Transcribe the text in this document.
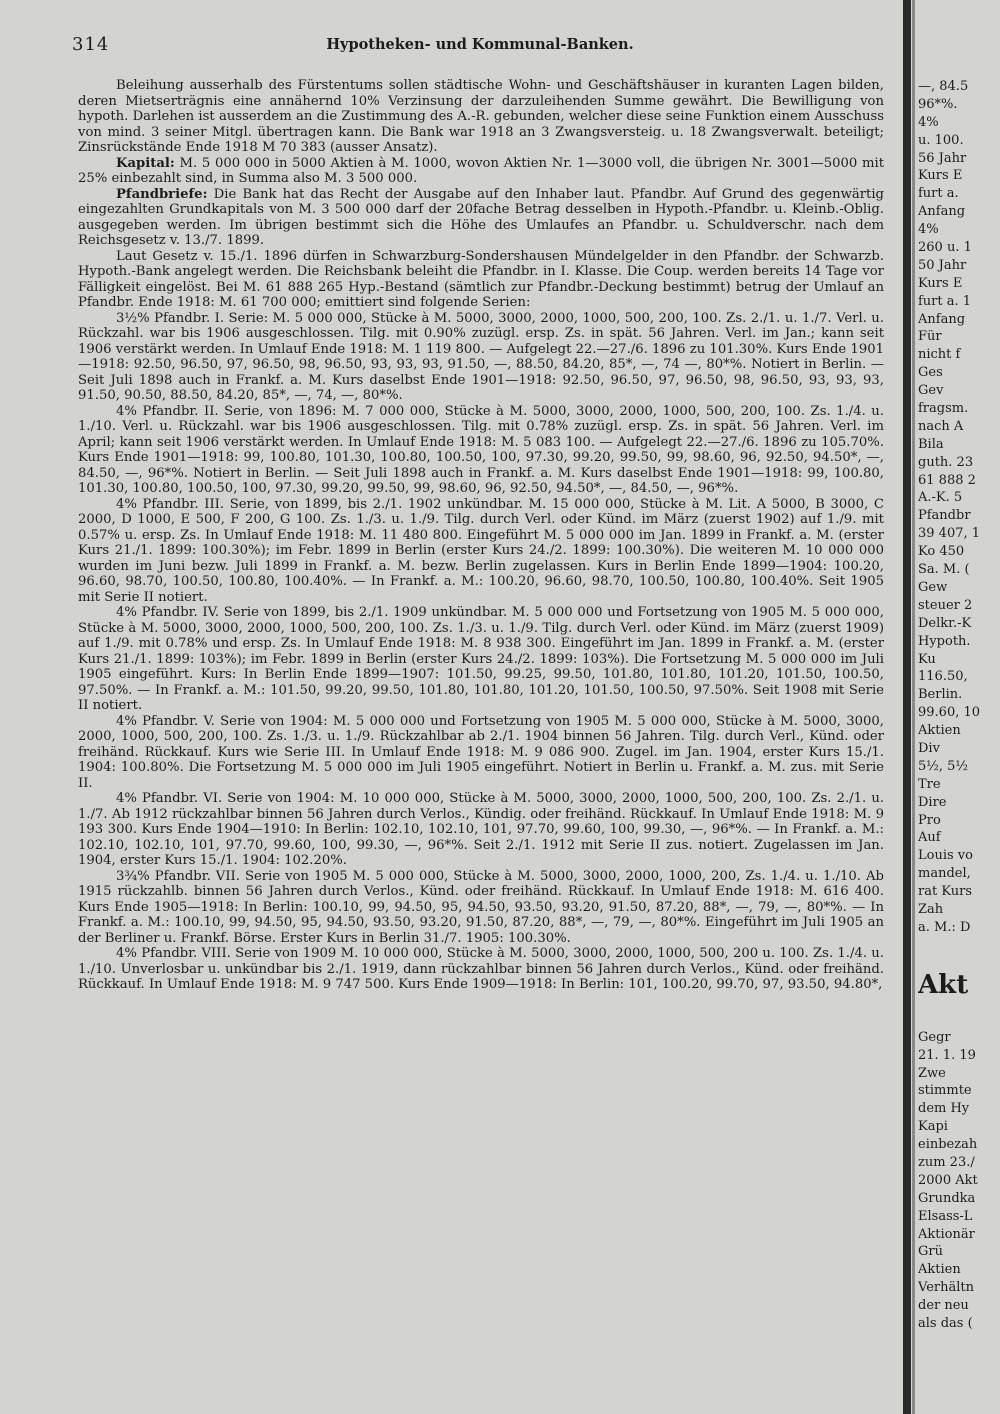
314	Hypotheken- und Kommunal-Banken.

Beleihung ausserhalb des Fürstentums sollen städtische Wohn- und Geschäftshäuser in kuranten Lagen bilden, deren Mietserträgnis eine annähernd 10% Verzinsung der darzuleihenden Summe gewährt. Die Bewilligung von hypoth. Darlehen ist ausserdem an die Zustimmung des A.-R. gebunden, welcher diese seine Funktion einem Ausschuss von mind. 3 seiner Mitgl. übertragen kann. Die Bank war 1918 an 3 Zwangsversteig. u. 18 Zwangsverwalt. beteiligt; Zinsrückstände Ende 1918 M 70 383 (ausser Ansatz).

Kapital: M. 5 000 000 in 5000 Aktien à M. 1000, wovon Aktien Nr. 1—3000 voll, die übrigen Nr. 3001—5000 mit 25% einbezahlt sind, in Summa also M. 3 500 000.

Pfandbriefe: Die Bank hat das Recht der Ausgabe auf den Inhaber laut. Pfandbr. Auf Grund des gegenwärtig eingezahlten Grundkapitals von M. 3 500 000 darf der 20fache Betrag desselben in Hypoth.-Pfandbr. u. Kleinb.-Oblig. ausgegeben werden. Im übrigen bestimmt sich die Höhe des Umlaufes an Pfandbr. u. Schuldverschr. nach dem Reichsgesetz v. 13./7. 1899.

Laut Gesetz v. 15./1. 1896 dürfen in Schwarzburg-Sondershausen Mündelgelder in den Pfandbr. der Schwarzb. Hypoth.-Bank angelegt werden. Die Reichsbank beleiht die Pfandbr. in I. Klasse. Die Coup. werden bereits 14 Tage vor Fälligkeit eingelöst. Bei M. 61 888 265 Hyp.-Bestand (sämtlich zur Pfandbr.-Deckung bestimmt) betrug der Umlauf an Pfandbr. Ende 1918: M. 61 700 000; emittiert sind folgende Serien:

3½% Pfandbr. I. Serie: M. 5 000 000, Stücke à M. 5000, 3000, 2000, 1000, 500, 200, 100. Zs. 2./1. u. 1./7. Verl. u. Rückzahl. war bis 1906 ausgeschlossen. Tilg. mit 0.90% zuzügl. ersp. Zs. in spät. 56 Jahren. Verl. im Jan.; kann seit 1906 verstärkt werden. In Umlauf Ende 1918: M. 1 119 800. — Aufgelegt 22.—27./6. 1896 zu 101.30%. Kurs Ende 1901—1918: 92.50, 96.50, 97, 96.50, 98, 96.50, 93, 93, 93, 91.50, —, 88.50, 84.20, 85*, —, 74 —, 80*%. Notiert in Berlin. — Seit Juli 1898 auch in Frankf. a. M. Kurs daselbst Ende 1901—1918: 92.50, 96.50, 97, 96.50, 98, 96.50, 93, 93, 93, 91.50, 90.50, 88.50, 84.20, 85*, —, 74, —, 80*%.

4% Pfandbr. II. Serie, von 1896: M. 7 000 000, Stücke à M. 5000, 3000, 2000, 1000, 500, 200, 100. Zs. 1./4. u. 1./10. Verl. u. Rückzahl. war bis 1906 ausgeschlossen. Tilg. mit 0.78% zuzügl. ersp. Zs. in spät. 56 Jahren. Verl. im April; kann seit 1906 verstärkt werden. In Umlauf Ende 1918: M. 5 083 100. — Aufgelegt 22.—27./6. 1896 zu 105.70%. Kurs Ende 1901—1918: 99, 100.80, 101.30, 100.80, 100.50, 100, 97.30, 99.20, 99.50, 99, 98.60, 96, 92.50, 94.50*, —, 84.50, —, 96*%. Notiert in Berlin. — Seit Juli 1898 auch in Frankf. a. M. Kurs daselbst Ende 1901—1918: 99, 100.80, 101.30, 100.80, 100.50, 100, 97.30, 99.20, 99.50, 99, 98.60, 96, 92.50, 94.50*, —, 84.50, —, 96*%.

4% Pfandbr. III. Serie, von 1899, bis 2./1. 1902 unkündbar. M. 15 000 000, Stücke à M. Lit. A 5000, B 3000, C 2000, D 1000, E 500, F 200, G 100. Zs. 1./3. u. 1./9. Tilg. durch Verl. oder Künd. im März (zuerst 1902) auf 1./9. mit 0.57% u. ersp. Zs. In Umlauf Ende 1918: M. 11 480 800. Eingeführt M. 5 000 000 im Jan. 1899 in Frankf. a. M. (erster Kurs 21./1. 1899: 100.30%); im Febr. 1899 in Berlin (erster Kurs 24./2. 1899: 100.30%). Die weiteren M. 10 000 000 wurden im Juni bezw. Juli 1899 in Frankf. a. M. bezw. Berlin zugelassen. Kurs in Berlin Ende 1899—1904: 100.20, 96.60, 98.70, 100.50, 100.80, 100.40%. — In Frankf. a. M.: 100.20, 96.60, 98.70, 100.50, 100.80, 100.40%. Seit 1905 mit Serie II notiert.

4% Pfandbr. IV. Serie von 1899, bis 2./1. 1909 unkündbar. M. 5 000 000 und Fortsetzung von 1905 M. 5 000 000, Stücke à M. 5000, 3000, 2000, 1000, 500, 200, 100. Zs. 1./3. u. 1./9. Tilg. durch Verl. oder Künd. im März (zuerst 1909) auf 1./9. mit 0.78% und ersp. Zs. In Umlauf Ende 1918: M. 8 938 300. Eingeführt im Jan. 1899 in Frankf. a. M. (erster Kurs 21./1. 1899: 103%); im Febr. 1899 in Berlin (erster Kurs 24./2. 1899: 103%). Die Fortsetzung M. 5 000 000 im Juli 1905 eingeführt. Kurs: In Berlin Ende 1899—1907: 101.50, 99.25, 99.50, 101.80, 101.80, 101.20, 101.50, 100.50, 97.50%. — In Frankf. a. M.: 101.50, 99.20, 99.50, 101.80, 101.80, 101.20, 101.50, 100.50, 97.50%. Seit 1908 mit Serie II notiert.

4% Pfandbr. V. Serie von 1904: M. 5 000 000 und Fortsetzung von 1905 M. 5 000 000, Stücke à M. 5000, 3000, 2000, 1000, 500, 200, 100. Zs. 1./3. u. 1./9. Rückzahlbar ab 2./1. 1904 binnen 56 Jahren. Tilg. durch Verl., Künd. oder freihänd. Rückkauf. Kurs wie Serie III. In Umlauf Ende 1918: M. 9 086 900. Zugel. im Jan. 1904, erster Kurs 15./1. 1904: 100.80%. Die Fortsetzung M. 5 000 000 im Juli 1905 eingeführt. Notiert in Berlin u. Frankf. a. M. zus. mit Serie II.

4% Pfandbr. VI. Serie von 1904: M. 10 000 000, Stücke à M. 5000, 3000, 2000, 1000, 500, 200, 100. Zs. 2./1. u. 1./7. Ab 1912 rückzahlbar binnen 56 Jahren durch Verlos., Kündig. oder freihänd. Rückkauf. In Umlauf Ende 1918: M. 9 193 300. Kurs Ende 1904—1910: In Berlin: 102.10, 102.10, 101, 97.70, 99.60, 100, 99.30, —, 96*%. — In Frankf. a. M.: 102.10, 102.10, 101, 97.70, 99.60, 100, 99.30, —, 96*%. Seit 2./1. 1912 mit Serie II zus. notiert. Zugelassen im Jan. 1904, erster Kurs 15./1. 1904: 102.20%.

3¾% Pfandbr. VII. Serie von 1905 M. 5 000 000, Stücke à M. 5000, 3000, 2000, 1000, 200, Zs. 1./4. u. 1./10. Ab 1915 rückzahlb. binnen 56 Jahren durch Verlos., Künd. oder freihänd. Rückkauf. In Umlauf Ende 1918: M. 616 400. Kurs Ende 1905—1918: In Berlin: 100.10, 99, 94.50, 95, 94.50, 93.50, 93.20, 91.50, 87.20, 88*, —, 79, —, 80*%. — In Frankf. a. M.: 100.10, 99, 94.50, 95, 94.50, 93.50, 93.20, 91.50, 87.20, 88*, —, 79, —, 80*%. Eingeführt im Juli 1905 an der Berliner u. Frankf. Börse. Erster Kurs in Berlin 31./7. 1905: 100.30%.

4% Pfandbr. VIII. Serie von 1909 M. 10 000 000, Stücke à M. 5000, 3000, 2000, 1000, 500, 200 u. 100. Zs. 1./4. u. 1./10. Unverlosbar u. unkündbar bis 2./1. 1919, dann rückzahlbar binnen 56 Jahren durch Verlos., Künd. oder freihänd. Rückkauf. In Umlauf Ende 1918: M. 9 747 500. Kurs Ende 1909—1918: In Berlin: 101, 100.20, 99.70, 97, 93.50, 94.80*,

—, 84.5
96*%.
4%
u. 100.
56 Jahr
Kurs E
furt a.
Anfang
4%
260 u. 1
50 Jahr
Kurs E
furt a. 1
Anfang
Für
nicht f
Ges
Gev
fragsm.
nach A
Bila
guth. 23
61 888 2
A.-K. 5
Pfandbr
39 407, 1
Ko 450
Sa. M. (
Gew
steuer 2
Delkr.-K
Hypoth.
Ku
116.50,
Berlin.
99.60, 10
Aktien
Div
5½, 5½
Tre
Dire
Pro
Auf
Louis vo
mandel,
rat Kurs
Zah
a. M.: D
Akt
Gegr
21. 1. 19
Zwe
stimmte
dem Hy
Kapi
einbezah
zum 23./
2000 Akt
Grundka
Elsass-L
Aktionär
Grü
Aktien
Verhältn
der neu
als das (
